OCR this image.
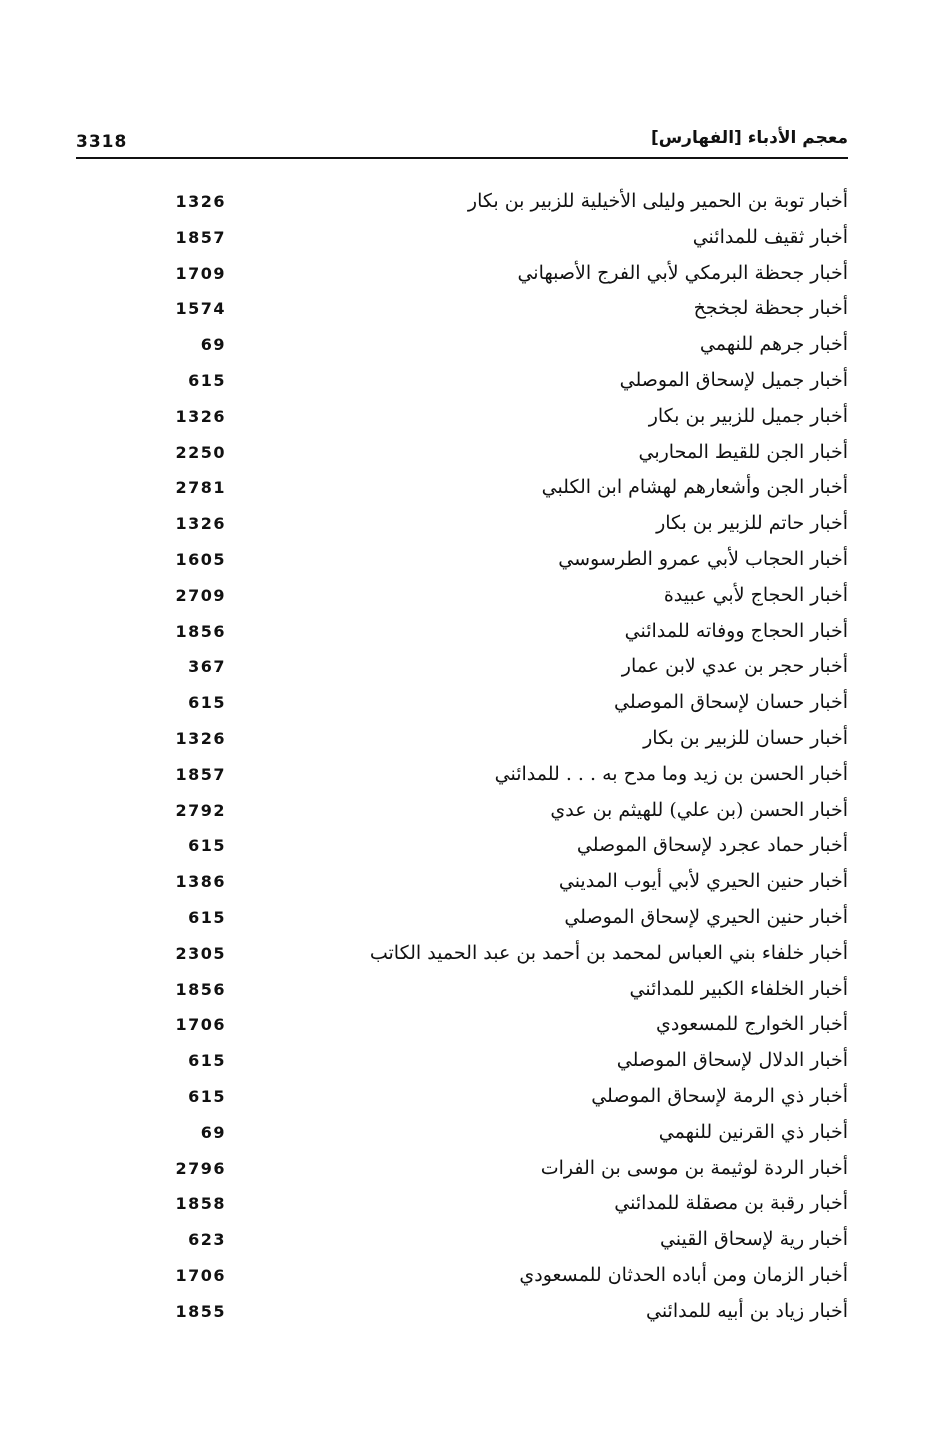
3318	معجم الأدباء [الفهارس]
أخبار توبة بن الحمير وليلى الأخيلية للزبير بن بكار
1326
أخبار ثقيف للمدائني
1857
أخبار جحظة البرمكي لأبي الفرج الأصبهاني
1709
أخبار جحظة لجخجخ
1574
أخبار جرهم للنهمي
69
أخبار جميل لإسحاق الموصلي
615
أخبار جميل للزبير بن بكار
1326
أخبار الجن للقيط المحاربي
2250
أخبار الجن وأشعارهم لهشام ابن الكلبي
2781
أخبار حاتم للزبير بن بكار
1326
أخبار الحجاب لأبي عمرو الطرسوسي
1605
أخبار الحجاج لأبي عبيدة
2709
أخبار الحجاج ووفاته للمدائني
1856
أخبار حجر بن عدي لابن عمار
367
أخبار حسان لإسحاق الموصلي
615
أخبار حسان للزبير بن بكار
1326
أخبار الحسن بن زيد وما مدح به . . . للمدائني
1857
أخبار الحسن (بن علي) للهيثم بن عدي
2792
أخبار حماد عجرد لإسحاق الموصلي
615
أخبار حنين الحيري لأبي أيوب المديني
1386
أخبار حنين الحيري لإسحاق الموصلي
615
أخبار خلفاء بني العباس لمحمد بن أحمد بن عبد الحميد الكاتب
2305
أخبار الخلفاء الكبير للمدائني
1856
أخبار الخوارج للمسعودي
1706
أخبار الدلال لإسحاق الموصلي
615
أخبار ذي الرمة لإسحاق الموصلي
615
أخبار ذي القرنين للنهمي
69
أخبار الردة لوثيمة بن موسى بن الفرات
2796
أخبار رقبة بن مصقلة للمدائني
1858
أخبار رية لإسحاق القيني
623
أخبار الزمان ومن أباده الحدثان للمسعودي
1706
أخبار زياد بن أبيه للمدائني
1855
